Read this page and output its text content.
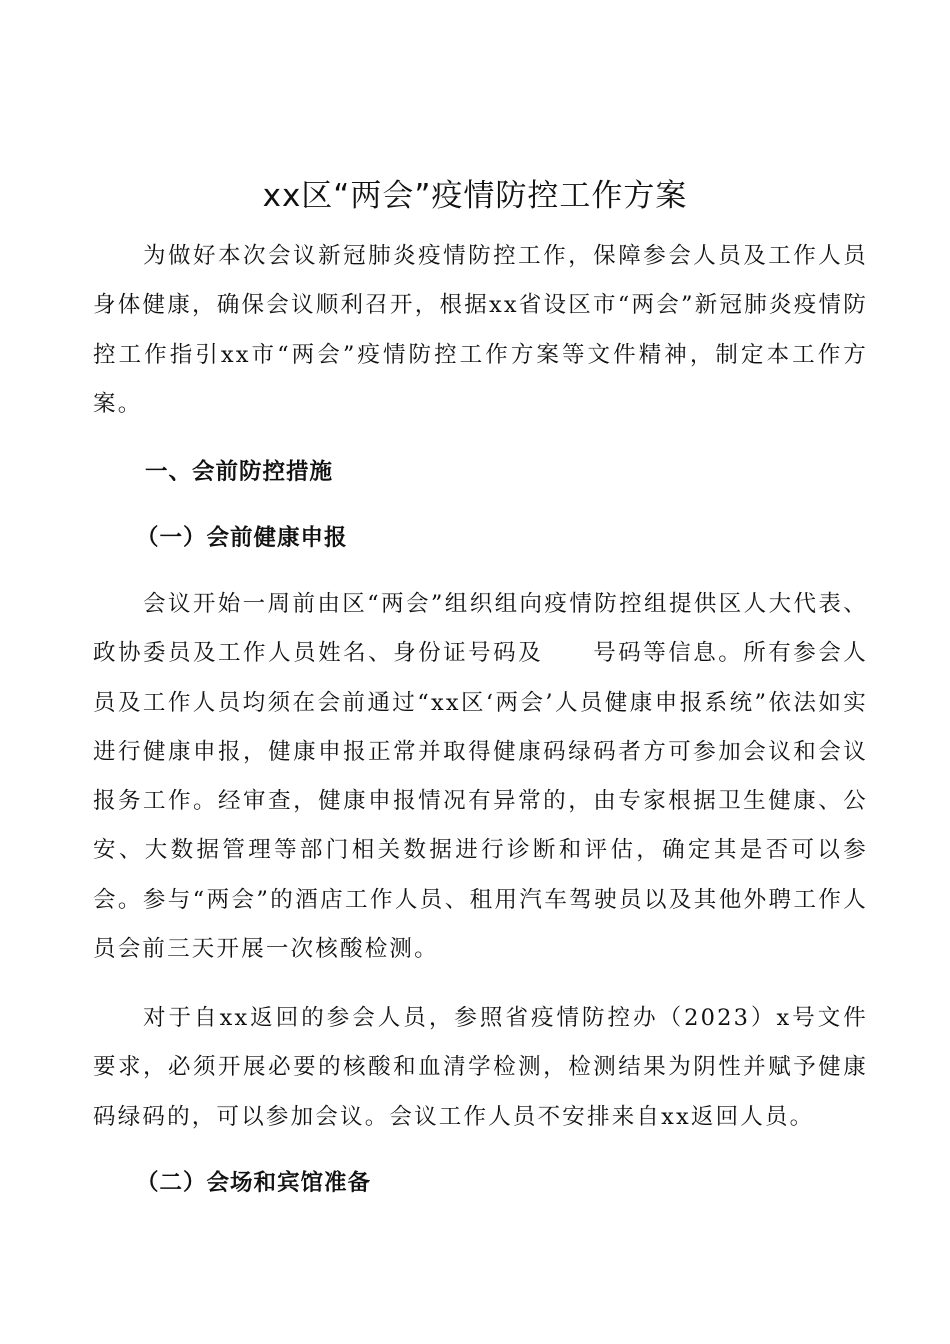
xx区“两会”疫情防控工作方案

为做好本次会议新冠肺炎疫情防控工作，保障参会人员及工作人员身体健康，确保会议顺利召开，根据xx省设区市“两会”新冠肺炎疫情防控工作指引xx市“两会”疫情防控工作方案等文件精神，制定本工作方案。

一、会前防控措施
（一）会前健康申报

会议开始一周前由区“两会”组织组向疫情防控组提供区人大代表、政协委员及工作人员姓名、身份证号码及　　号码等信息。所有参会人员及工作人员均须在会前通过“xx区‘两会’人员健康申报系统”依法如实进行健康申报，健康申报正常并取得健康码绿码者方可参加会议和会议报务工作。经审查，健康申报情况有异常的，由专家根据卫生健康、公安、大数据管理等部门相关数据进行诊断和评估，确定其是否可以参会。参与“两会”的酒店工作人员、租用汽车驾驶员以及其他外聘工作人员会前三天开展一次核酸检测。

对于自xx返回的参会人员，参照省疫情防控办（2023）x号文件要求，必须开展必要的核酸和血清学检测，检测结果为阴性并赋予健康码绿码的，可以参加会议。会议工作人员不安排来自xx返回人员。

（二）会场和宾馆准备
